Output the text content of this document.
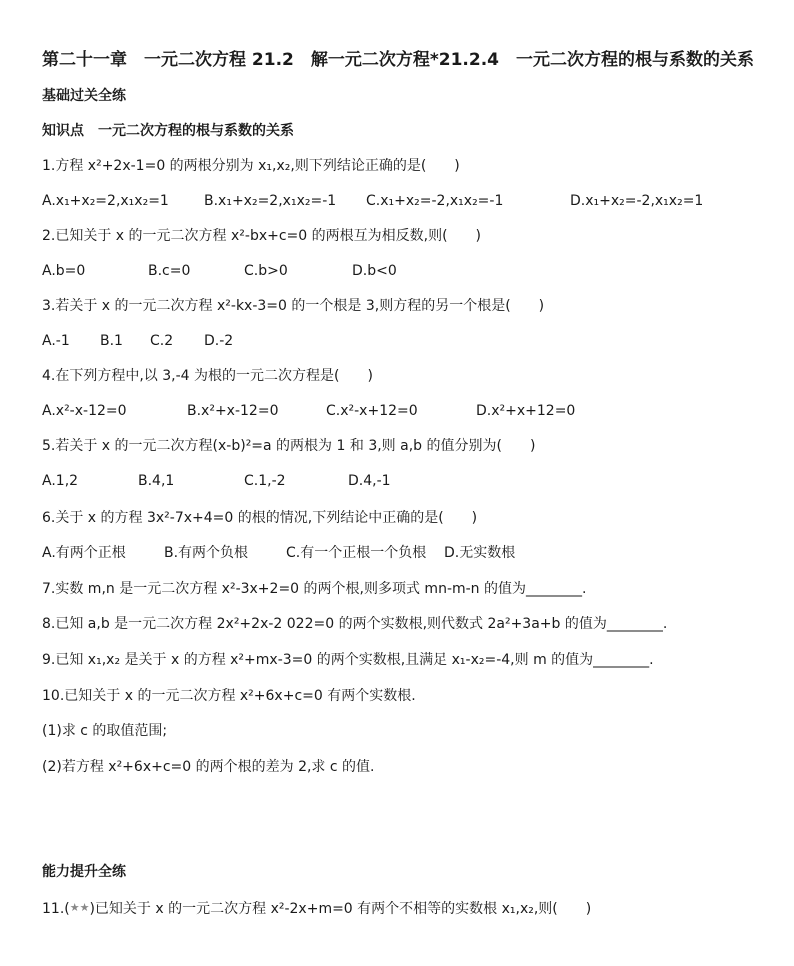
第二十一章　一元二次方程 21.2　解一元二次方程*21.2.4　一元二次方程的根与系数的关系
基础过关全练
知识点　一元二次方程的根与系数的关系
1.方程 x²+2x-1=0 的两根分别为 x₁,x₂,则下列结论正确的是(　　)
A.x₁+x₂=2,x₁x₂=1	B.x₁+x₂=2,x₁x₂=-1 C.x₁+x₂=-2,x₁x₂=-1	D.x₁+x₂=-2,x₁x₂=1
2.已知关于 x 的一元二次方程 x²-bx+c=0 的两根互为相反数,则(　　)
A.b=0	B.c=0	C.b>0	D.b<0
3.若关于 x 的一元二次方程 x²-kx-3=0 的一个根是 3,则方程的另一个根是(　　)
A.-1 B.1 C.2 D.-2
4.在下列方程中,以 3,-4 为根的一元二次方程是(　　)
A.x²-x-12=0	B.x²+x-12=0	C.x²-x+12=0	D.x²+x+12=0
5.若关于 x 的一元二次方程(x-b)²=a 的两根为 1 和 3,则 a,b 的值分别为(　　)
A.1,2	B.4,1	C.1,-2	D.4,-1
6.关于 x 的方程 3x²-7x+4=0 的根的情况,下列结论中正确的是(　　)
A.有两个正根	B.有两个负根	C.有一个正根一个负根 D.无实数根
7.实数 m,n 是一元二次方程 x²-3x+2=0 的两个根,则多项式 mn-m-n 的值为________.
8.已知 a,b 是一元二次方程 2x²+2x-2 022=0 的两个实数根,则代数式 2a²+3a+b 的值为________.
9.已知 x₁,x₂ 是关于 x 的方程 x²+mx-3=0 的两个实数根,且满足 x₁-x₂=-4,则 m 的值为________.
10.已知关于 x 的一元二次方程 x²+6x+c=0 有两个实数根.
(1)求 c 的取值范围;
(2)若方程 x²+6x+c=0 的两个根的差为 2,求 c 的值.
能力提升全练
11.(★★)已知关于 x 的一元二次方程 x²-2x+m=0 有两个不相等的实数根 x₁,x₂,则(　　)
